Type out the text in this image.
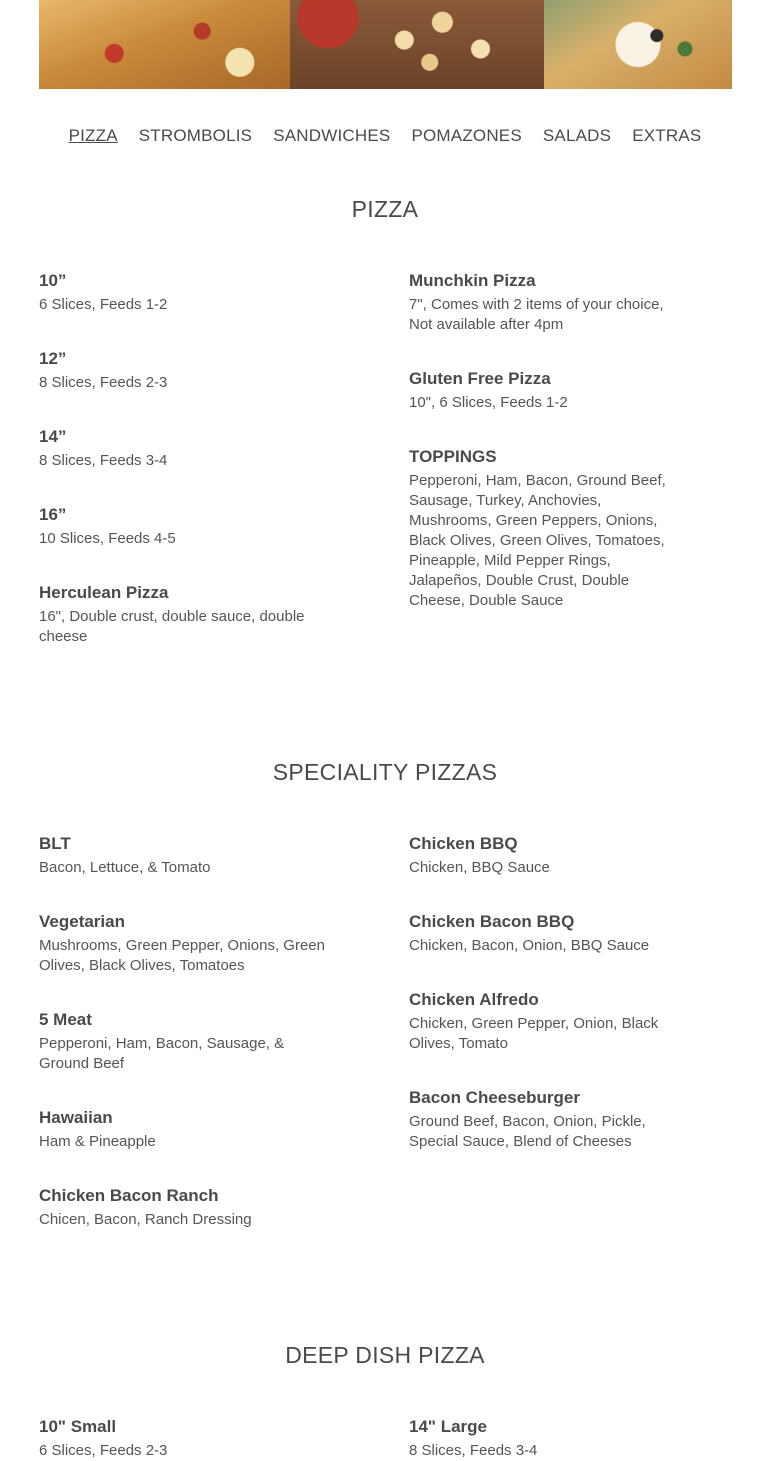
PIZZA STROMBOLIS SANDWICHES POMAZONES SALADS EXTRAS
PIZZA
10”
6 Slices, Feeds 1-2
12”
8 Slices, Feeds 2-3
14”
8 Slices, Feeds 3-4
16”
10 Slices, Feeds 4-5
Herculean Pizza
16", Double crust, double sauce, double cheese
Munchkin Pizza
7", Comes with 2 items of your choice, Not available after 4pm
Gluten Free Pizza
10", 6 Slices, Feeds 1-2
TOPPINGS
Pepperoni, Ham, Bacon, Ground Beef, Sausage, Turkey, Anchovies, Mushrooms, Green Peppers, Onions, Black Olives, Green Olives, Tomatoes, Pineapple, Mild Pepper Rings, Jalapeños, Double Crust, Double Cheese, Double Sauce
SPECIALITY PIZZAS
BLT
Bacon, Lettuce, & Tomato
Vegetarian
Mushrooms, Green Pepper, Onions, Green Olives, Black Olives, Tomatoes
5 Meat
Pepperoni, Ham, Bacon, Sausage, & Ground Beef
Hawaiian
Ham & Pineapple
Chicken Bacon Ranch
Chicen, Bacon, Ranch Dressing
Chicken BBQ
Chicken, BBQ Sauce
Chicken Bacon BBQ
Chicken, Bacon, Onion, BBQ Sauce
Chicken Alfredo
Chicken, Green Pepper, Onion, Black Olives, Tomato
Bacon Cheeseburger
Ground Beef, Bacon, Onion, Pickle, Special Sauce, Blend of Cheeses
DEEP DISH PIZZA
10" Small
6 Slices, Feeds 2-3
14" Large
8 Slices, Feeds 3-4
